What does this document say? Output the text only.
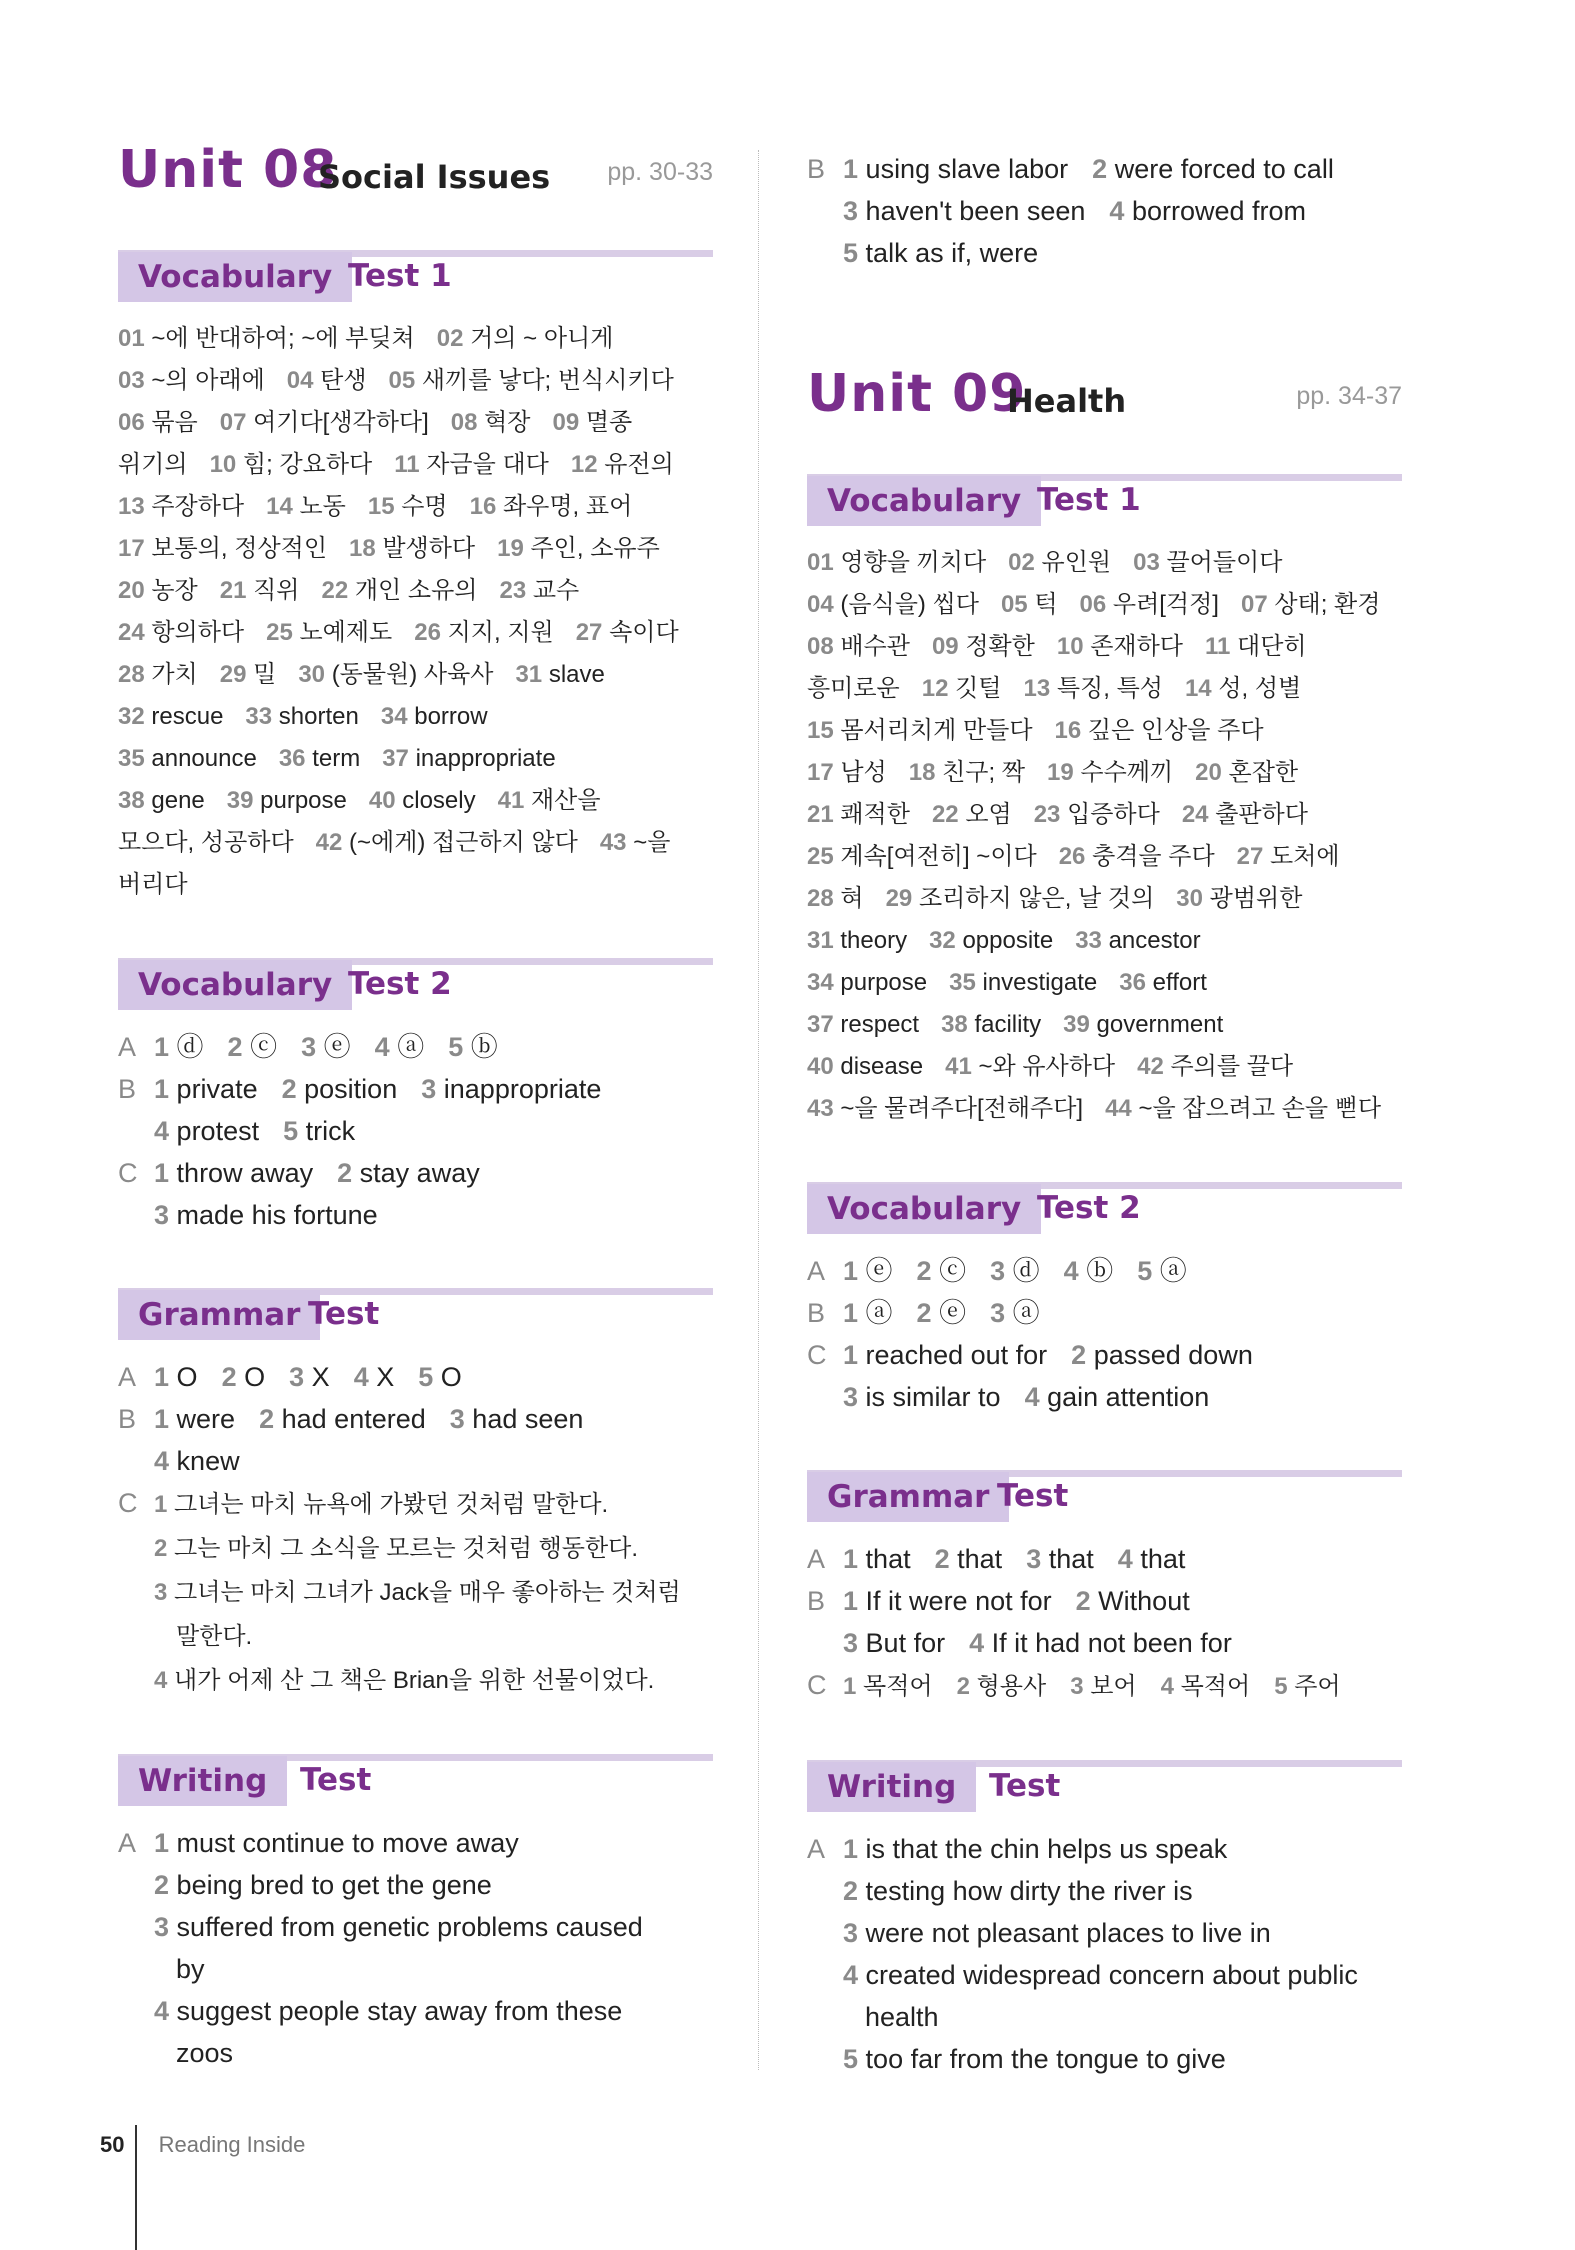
Unit 08
Social Issues pp. 30-33
Vocabulary Test 1

01 ~에 반대하여; ~에 부딪쳐 02 거의 ~ 아니게

03 ~의 아래에 04 탄생 05 새끼를 낳다; 번식시키다

06 묶음 07 여기다[생각하다] 08 혁장 09 멸종

위기의 10 힘; 강요하다 11 자금을 대다 12 유전의

13 주장하다 14 노동 15 수명 16 좌우명, 표어

17 보통의, 정상적인 18 발생하다 19 주인, 소유주

20 농장 21 직위 22 개인 소유의 23 교수

24 항의하다 25 노예제도 26 지지, 지원 27 속이다

28 가치 29 밀 30 (동물원) 사육사 31 slave

32 rescue 33 shorten 34 borrow

35 announce 36 term 37 inappropriate

38 gene 39 purpose 40 closely 41 재산을

모으다, 성공하다 42 (~에게) 접근하지 않다 43 ~을

버리다

Vocabulary Test 2

A 1 ⓓ 2 ⓒ 3 ⓔ 4 ⓐ 5 ⓑ

B 1 private 2 position 3 inappropriate

4 protest 5 trick

C 1 throw away 2 stay away

3 made his fortune

Grammar Test

A 1 O 2 O 3 X 4 X 5 O

B 1 were 2 had entered 3 had seen

4 knew

C 1 그녀는 마치 뉴욕에 가봤던 것처럼 말한다.

2 그는 마치 그 소식을 모르는 것처럼 행동한다.

3 그녀는 마치 그녀가 Jack을 매우 좋아하는 것처럼

말한다.

4 내가 어제 산 그 책은 Brian을 위한 선물이었다.

Writing Test

A 1 must continue to move away

2 being bred to get the gene

3 suffered from genetic problems caused

by

4 suggest people stay away from these

zoos

B 1 using slave labor 2 were forced to call

3 haven't been seen 4 borrowed from

5 talk as if, were

Unit 09
Health	pp. 34-37
Vocabulary Test 1

01 영향을 끼치다 02 유인원 03 끌어들이다

04 (음식을) 씹다 05 턱 06 우려[걱정] 07 상태; 환경

08 배수관 09 정확한 10 존재하다 11 대단히

흥미로운 12 깃털 13 특징, 특성 14 성, 성별

15 몸서리치게 만들다 16 깊은 인상을 주다

17 남성 18 친구; 짝 19 수수께끼 20 혼잡한

21 쾌적한 22 오염 23 입증하다 24 출판하다

25 계속[여전히] ~이다 26 충격을 주다 27 도처에

28 혀 29 조리하지 않은, 날 것의 30 광범위한

31 theory 32 opposite 33 ancestor

34 purpose 35 investigate 36 effort

37 respect 38 facility 39 government

40 disease 41 ~와 유사하다 42 주의를 끌다

43 ~을 물려주다[전해주다] 44 ~을 잡으려고 손을 뻗다

Vocabulary Test 2

A 1 ⓔ 2 ⓒ 3 ⓓ 4 ⓑ 5 ⓐ

B 1 ⓐ 2 ⓔ 3 ⓐ

C 1 reached out for 2 passed down

3 is similar to 4 gain attention

Grammar Test

A 1 that 2 that 3 that 4 that

B 1 If it were not for 2 Without

3 But for 4 If it had not been for

C 1 목적어 2 형용사 3 보어 4 목적어 5 주어

Writing Test

A 1 is that the chin helps us speak

2 testing how dirty the river is

3 were not pleasant places to live in

4 created widespread concern about public

health

5 too far from the tongue to give

50 Reading Inside
